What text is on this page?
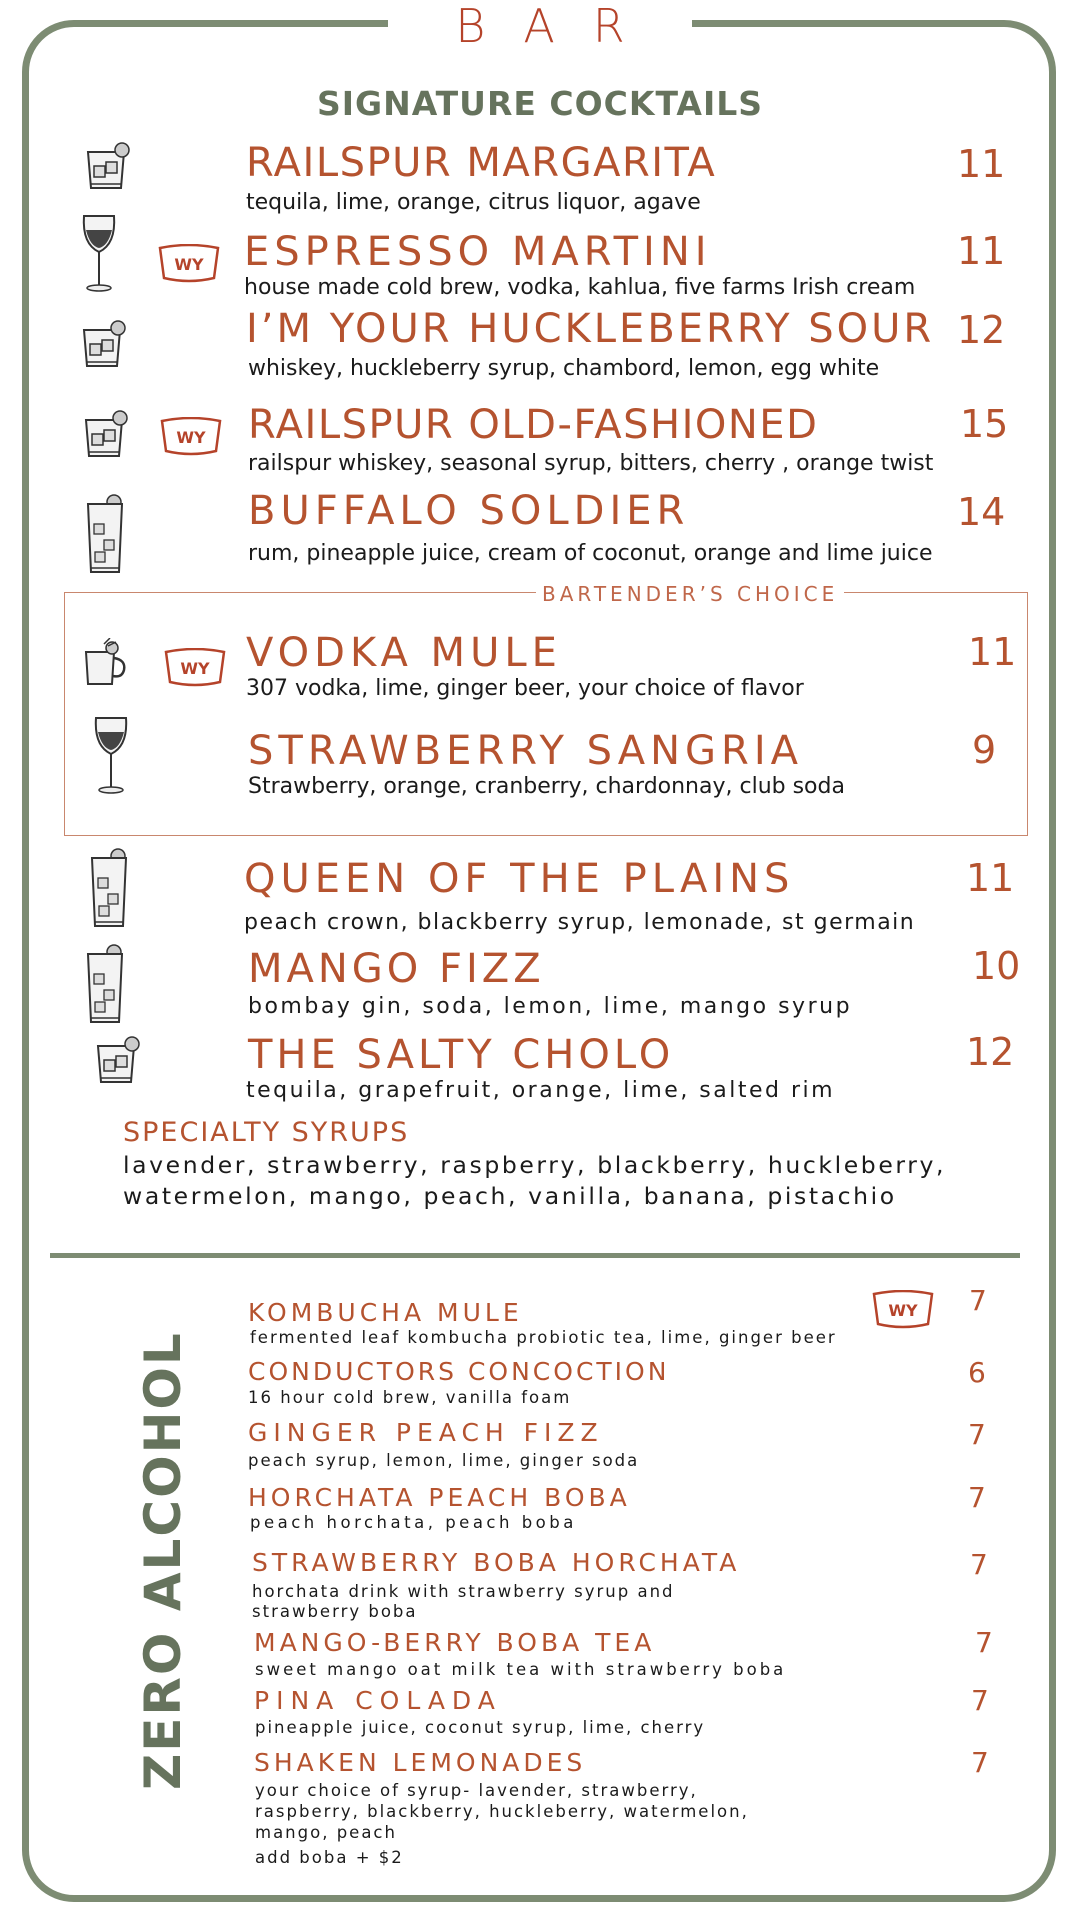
BAR
SIGNATURE COCKTAILS
RAILSPUR MARGARITA
tequila, lime, orange, citrus liquor, agave
11
ESPRESSO MARTINI
house made cold brew, vodka, kahlua, five farms Irish cream
11
I’M YOUR HUCKLEBERRY SOUR
whiskey, huckleberry syrup, chambord, lemon, egg white
12
RAILSPUR OLD-FASHIONED
railspur whiskey, seasonal syrup, bitters, cherry , orange twist
15
BUFFALO SOLDIER
rum, pineapple juice, cream of coconut, orange and lime juice
14
BARTENDER’S CHOICE
VODKA MULE
307 vodka, lime, ginger beer, your choice of flavor
11
STRAWBERRY SANGRIA
Strawberry, orange, cranberry, chardonnay, club soda
9
QUEEN OF THE PLAINS
peach crown, blackberry syrup, lemonade, st germain
11
MANGO FIZZ
bombay gin, soda, lemon, lime, mango syrup
10
THE SALTY CHOLO
tequila, grapefruit, orange, lime, salted rim
12
SPECIALTY SYRUPS
lavender, strawberry, raspberry, blackberry, huckleberry,
watermelon, mango, peach, vanilla, banana, pistachio
ZERO ALCOHOL
KOMBUCHA MULE
fermented leaf kombucha probiotic tea, lime, ginger beer
7
CONDUCTORS CONCOCTION
16 hour cold brew, vanilla foam
6
GINGER PEACH FIZZ
peach syrup, lemon, lime, ginger soda
7
HORCHATA PEACH BOBA
peach horchata, peach boba
7
STRAWBERRY BOBA HORCHATA
horchata drink with strawberry syrup and
strawberry boba
7
MANGO-BERRY BOBA TEA
sweet mango oat milk tea with strawberry boba
7
PINA COLADA
pineapple juice, coconut syrup, lime, cherry
7
SHAKEN LEMONADES
your choice of syrup- lavender, strawberry,
raspberry, blackberry, huckleberry, watermelon,
mango, peach
add boba + $2
7
